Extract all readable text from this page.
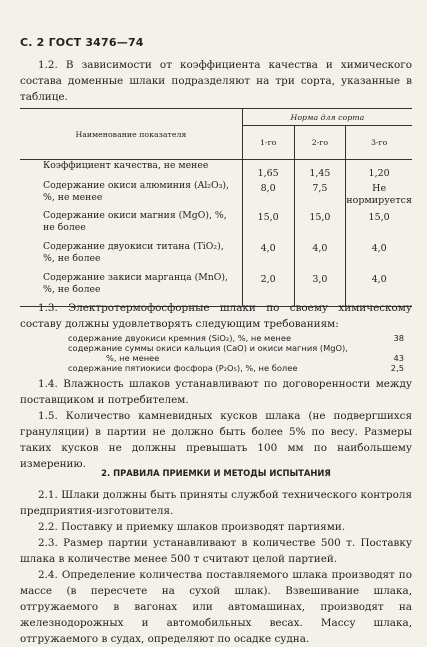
С. 2 ГОСТ 3476—74

1.2. В зависимости от коэффициента качества и химического состава доменные шлаки подразделяют на три сорта, указанные в таблице.

Наименование показателя	Норма для сорта		
	1-го	2-го	3-го
Коэффициент качества, не менее	1,65	1,45	1,20
Содержание окиси алюминия (Al₂O₃), %, не менее	8,0	7,5	Не нормируется
Содержание окиси магния (MgO), %, не более	15,0	15,0	15,0
Содержание двуокиси титана (TiO₂), %, не более	4,0	4,0	4,0
Содержание закиси марганца (MnO), %, не более	2,0	3,0	4,0

1.3. Электротермофосфорные шлаки по своему химическому составу должны удовлетворять следующим требованиям:

содержание двуокиси кремния (SiO₂), %, не менее	38
содержание суммы окиси кальция (CaO) и окиси магния (MgO),
%, не менее	43
содержание пятиокиси фосфора (P₂O₅), %, не более	2,5

1.4. Влажность шлаков устанавливают по договоренности между поставщиком и потребителем.

1.5. Количество камневидных кусков шлака (не подвергшихся грануляции) в партии не должно быть более 5% по весу. Размеры таких кусков не должны превышать 100 мм по наибольшему измерению.

2. ПРАВИЛА ПРИЕМКИ И МЕТОДЫ ИСПЫТАНИЯ

2.1. Шлаки должны быть приняты службой технического контроля предприятия-изготовителя.

2.2. Поставку и приемку шлаков производят партиями.

2.3. Размер партии устанавливают в количестве 500 т. Поставку шлака в количестве менее 500 т считают целой партией.

2.4. Определение количества поставляемого шлака производят по массе (в пересчете на сухой шлак). Взвешивание шлака, отгружаемого в вагонах или автомашинах, производят на железнодорожных и автомобильных весах. Массу шлака, отгружаемого в судах, определяют по осадке судна.
